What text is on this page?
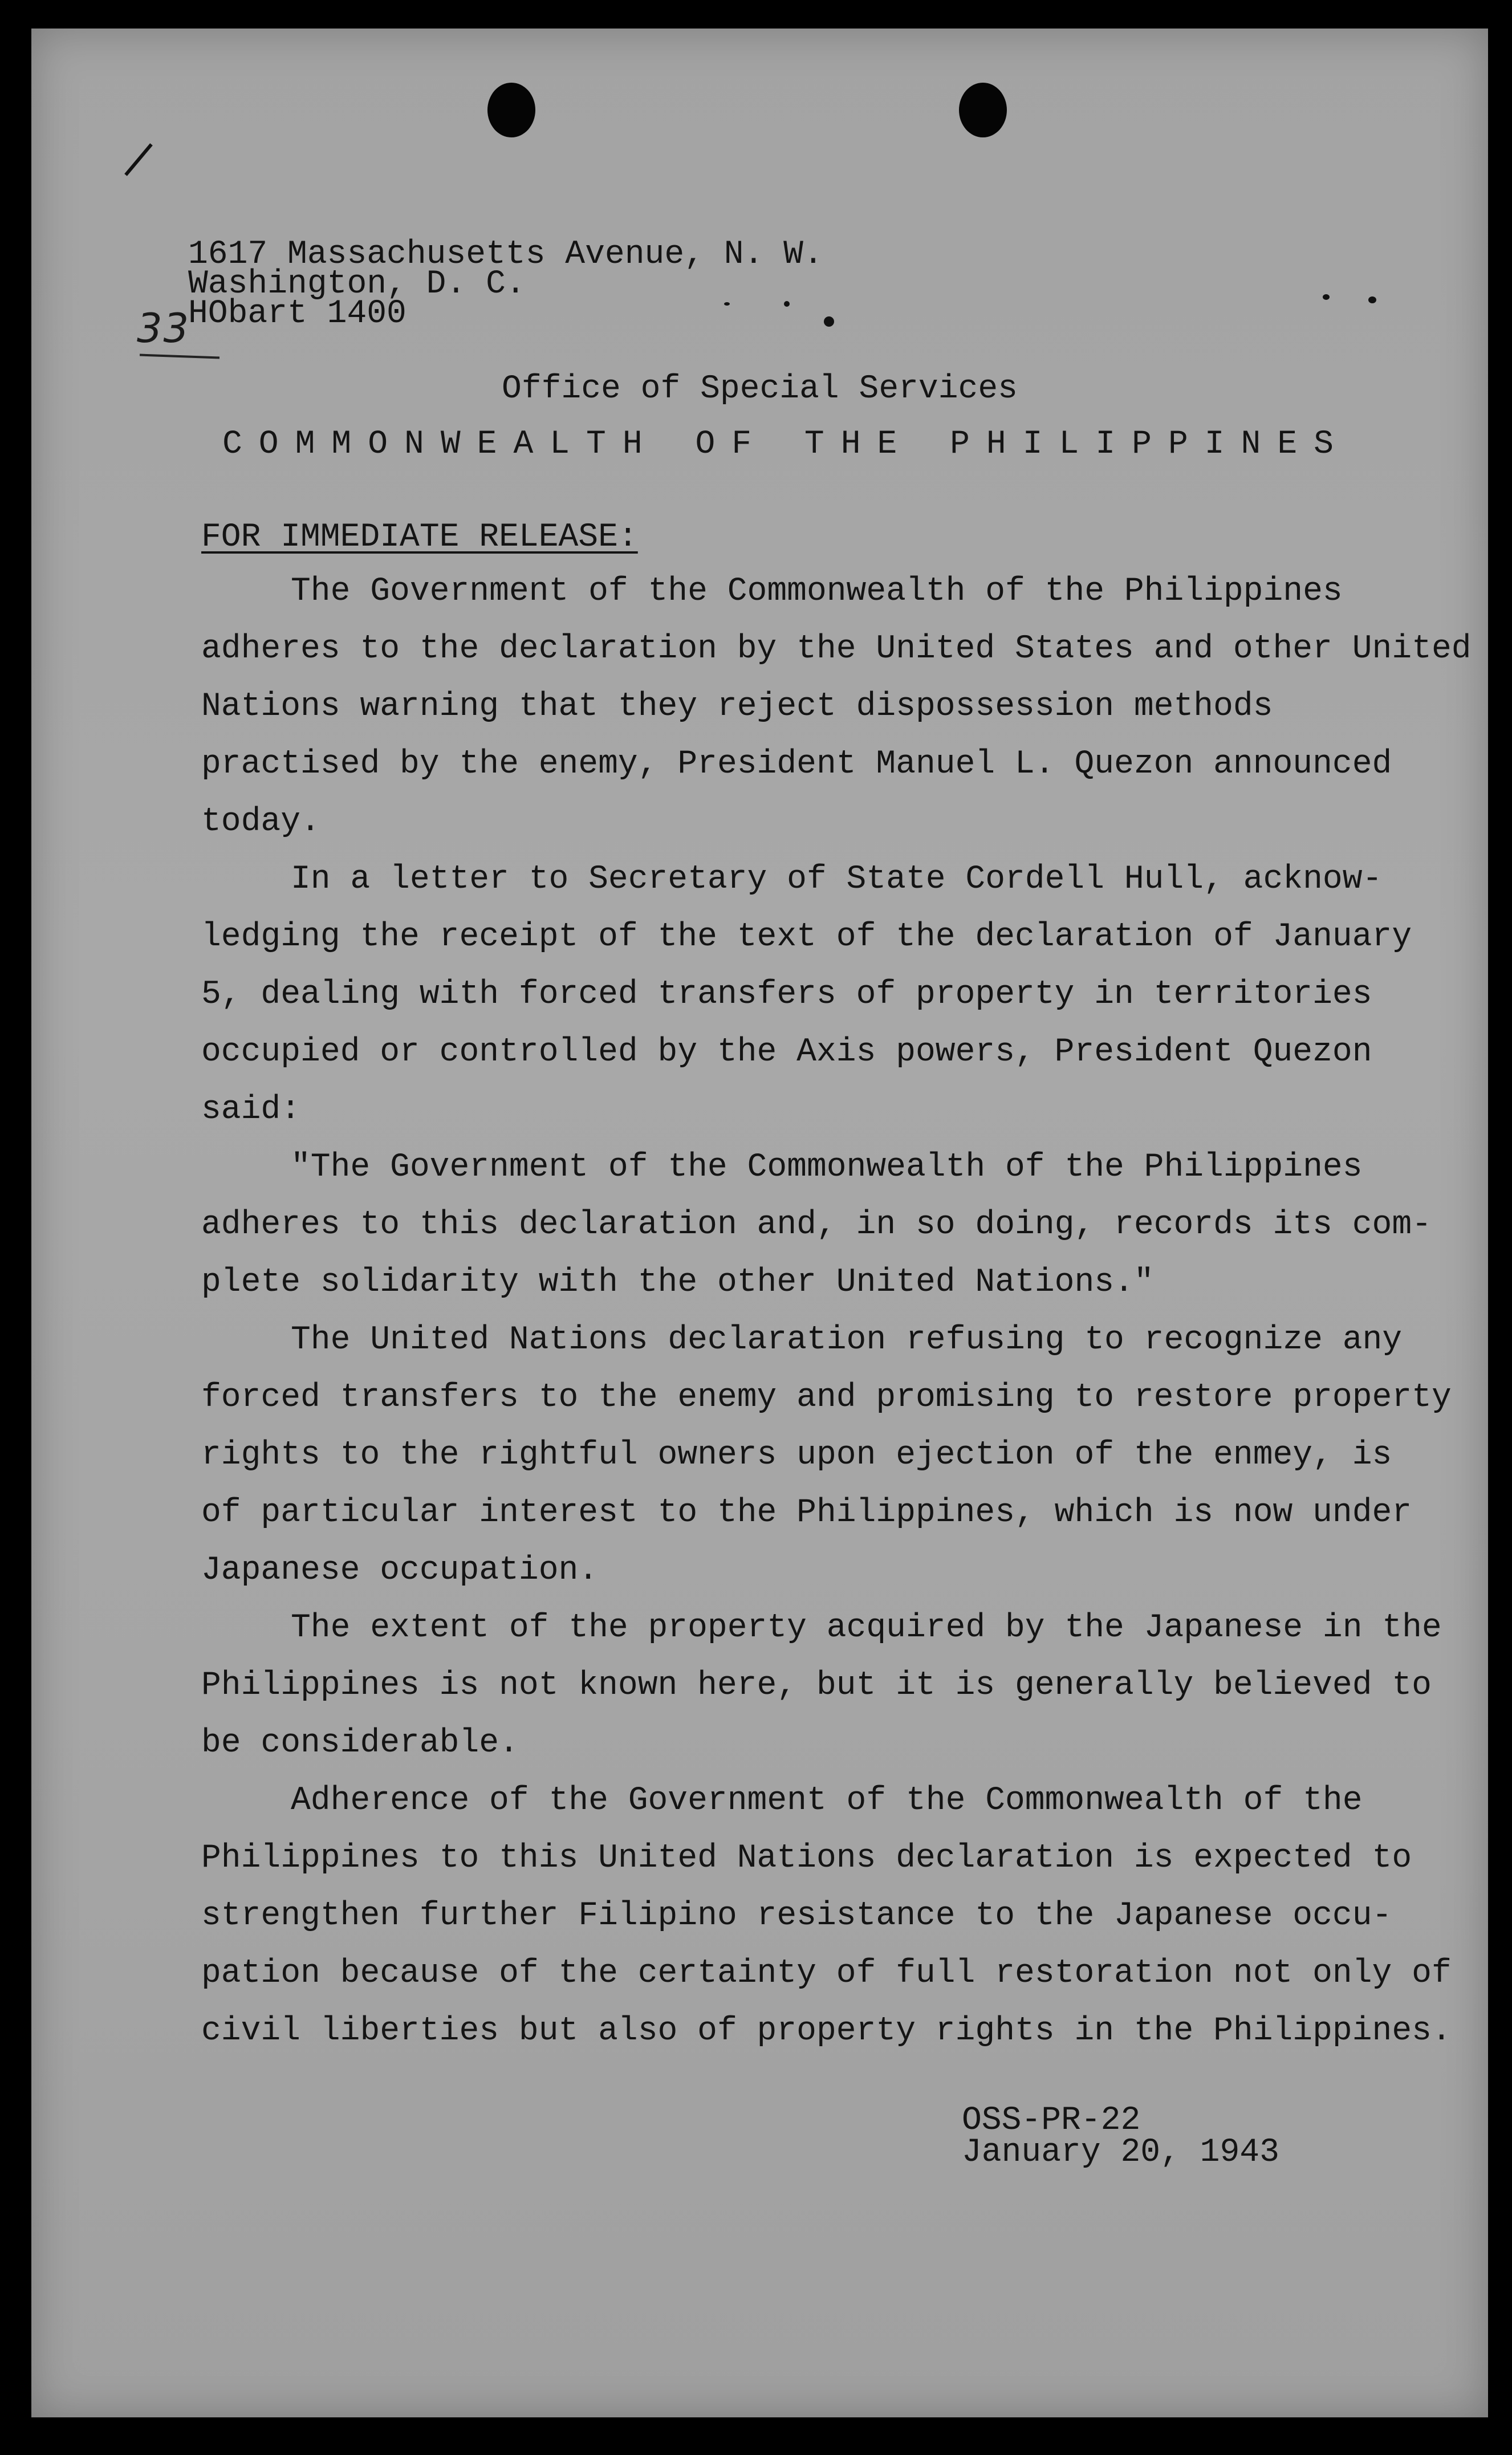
1617 Massachusetts Avenue, N. W.
Washington, D. C.
HObart 1400
33
Office of Special Services
COMMONWEALTH OF THE PHILIPPINES
FOR IMMEDIATE RELEASE:
The Government of the Commonwealth of the Philippines
adheres to the declaration by the United States and other United
Nations warning that they reject dispossession methods
practised by the enemy, President Manuel L. Quezon announced
today.
In a letter to Secretary of State Cordell Hull, acknow-
ledging the receipt of the text of the declaration of January
5, dealing with forced transfers of property in territories
occupied or controlled by the Axis powers, President Quezon
said:
"The Government of the Commonwealth of the Philippines
adheres to this declaration and, in so doing, records its com-
plete solidarity with the other United Nations."
The United Nations declaration refusing to recognize any
forced transfers to the enemy and promising to restore property
rights to the rightful owners upon ejection of the enmey, is
of particular interest to the Philippines, which is now under
Japanese occupation.
The extent of the property acquired by the Japanese in the
Philippines is not known here, but it is generally believed to
be considerable.
Adherence of the Government of the Commonwealth of the
Philippines to this United Nations declaration is expected to
strengthen further Filipino resistance to the Japanese occu-
pation because of the certainty of full restoration not only of
civil liberties but also of property rights in the Philippines.
OSS-PR-22
January 20, 1943
